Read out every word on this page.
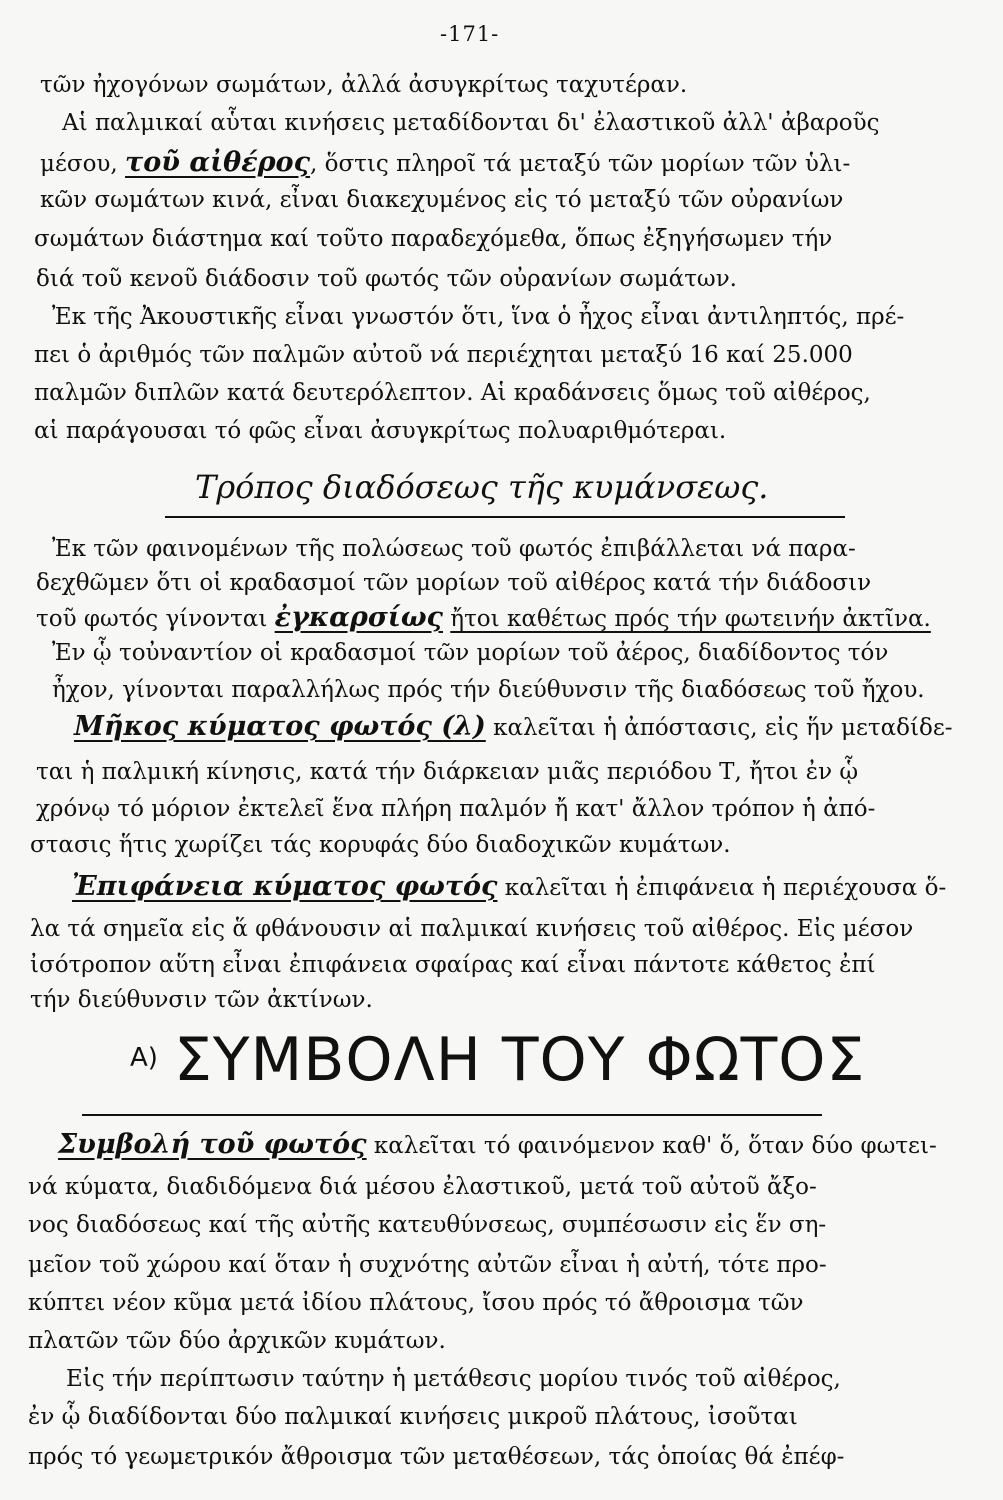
-171-
τῶν ἠχογόνων σωμάτων, ἀλλά ἀσυγκρίτως ταχυτέραν.
Αἱ παλμικαί αὗται κινήσεις μεταδίδονται δι' ἐλαστικοῦ ἀλλ' ἀβαροῦς
μέσου, τοῦ αἰθέρος, ὅστις πληροῖ τά μεταξύ τῶν μορίων τῶν ὑλι-
κῶν σωμάτων κινά, εἶναι διακεχυμένος εἰς τό μεταξύ τῶν οὐρανίων
σωμάτων διάστημα καί τοῦτο παραδεχόμεθα, ὅπως ἐξηγήσωμεν τήν
διά τοῦ κενοῦ διάδοσιν τοῦ φωτός τῶν οὐρανίων σωμάτων.
Ἐκ τῆς Ἀκουστικῆς εἶναι γνωστόν ὅτι, ἵνα ὁ ἦχος εἶναι ἀντιληπτός, πρέ-
πει ὁ ἀριθμός τῶν παλμῶν αὐτοῦ νά περιέχηται μεταξύ 16 καί 25.000
παλμῶν διπλῶν κατά δευτερόλεπτον. Αἱ κραδάνσεις ὅμως τοῦ αἰθέρος,
αἱ παράγουσαι τό φῶς εἶναι ἀσυγκρίτως πολυαριθμότεραι.
Τρόπος διαδόσεως τῆς κυμάνσεως.
Ἐκ τῶν φαινομένων τῆς πολώσεως τοῦ φωτός ἐπιβάλλεται νά παρα-
δεχθῶμεν ὅτι οἱ κραδασμοί τῶν μορίων τοῦ αἰθέρος κατά τήν διάδοσιν
τοῦ φωτός γίνονται ἐγκαρσίως ἤτοι καθέτως πρός τήν φωτεινήν ἀκτῖνα.
Ἐν ᾧ τοὐναντίον οἱ κραδασμοί τῶν μορίων τοῦ ἀέρος, διαδίδοντος τόν
ἦχον, γίνονται παραλλήλως πρός τήν διεύθυνσιν τῆς διαδόσεως τοῦ ἤχου.
Μῆκος κύματος φωτός (λ) καλεῖται ἡ ἀπόστασις, εἰς ἥν μεταδίδε-
ται ἡ παλμική κίνησις, κατά τήν διάρκειαν μιᾶς περιόδου Τ, ἤτοι ἐν ᾧ
χρόνῳ τό μόριον ἐκτελεῖ ἕνα πλήρη παλμόν ἤ κατ' ἄλλον τρόπον ἡ ἀπό-
στασις ἥτις χωρίζει τάς κορυφάς δύο διαδοχικῶν κυμάτων.
Ἐπιφάνεια κύματος φωτός καλεῖται ἡ ἐπιφάνεια ἡ περιέχουσα ὅ-
λα τά σημεῖα εἰς ἅ φθάνουσιν αἱ παλμικαί κινήσεις τοῦ αἰθέρος. Εἰς μέσον
ἰσότροπον αὕτη εἶναι ἐπιφάνεια σφαίρας καί εἶναι πάντοτε κάθετος ἐπί
τήν διεύθυνσιν τῶν ἀκτίνων.
Α) ΣΥΜΒΟΛΗ ΤΟΥ ΦΩΤΟΣ
Συμβολή τοῦ φωτός καλεῖται τό φαινόμενον καθ' ὅ, ὅταν δύο φωτει-
νά κύματα, διαδιδόμενα διά μέσου ἐλαστικοῦ, μετά τοῦ αὐτοῦ ἄξο-
νος διαδόσεως καί τῆς αὐτῆς κατευθύνσεως, συμπέσωσιν εἰς ἕν ση-
μεῖον τοῦ χώρου καί ὅταν ἡ συχνότης αὐτῶν εἶναι ἡ αὐτή, τότε προ-
κύπτει νέον κῦμα μετά ἰδίου πλάτους, ἴσου πρός τό ἄθροισμα τῶν
πλατῶν τῶν δύο ἀρχικῶν κυμάτων.
Εἰς τήν περίπτωσιν ταύτην ἡ μετάθεσις μορίου τινός τοῦ αἰθέρος,
ἐν ᾧ διαδίδονται δύο παλμικαί κινήσεις μικροῦ πλάτους, ἰσοῦται
πρός τό γεωμετρικόν ἄθροισμα τῶν μεταθέσεων, τάς ὁποίας θά ἐπέφ-
